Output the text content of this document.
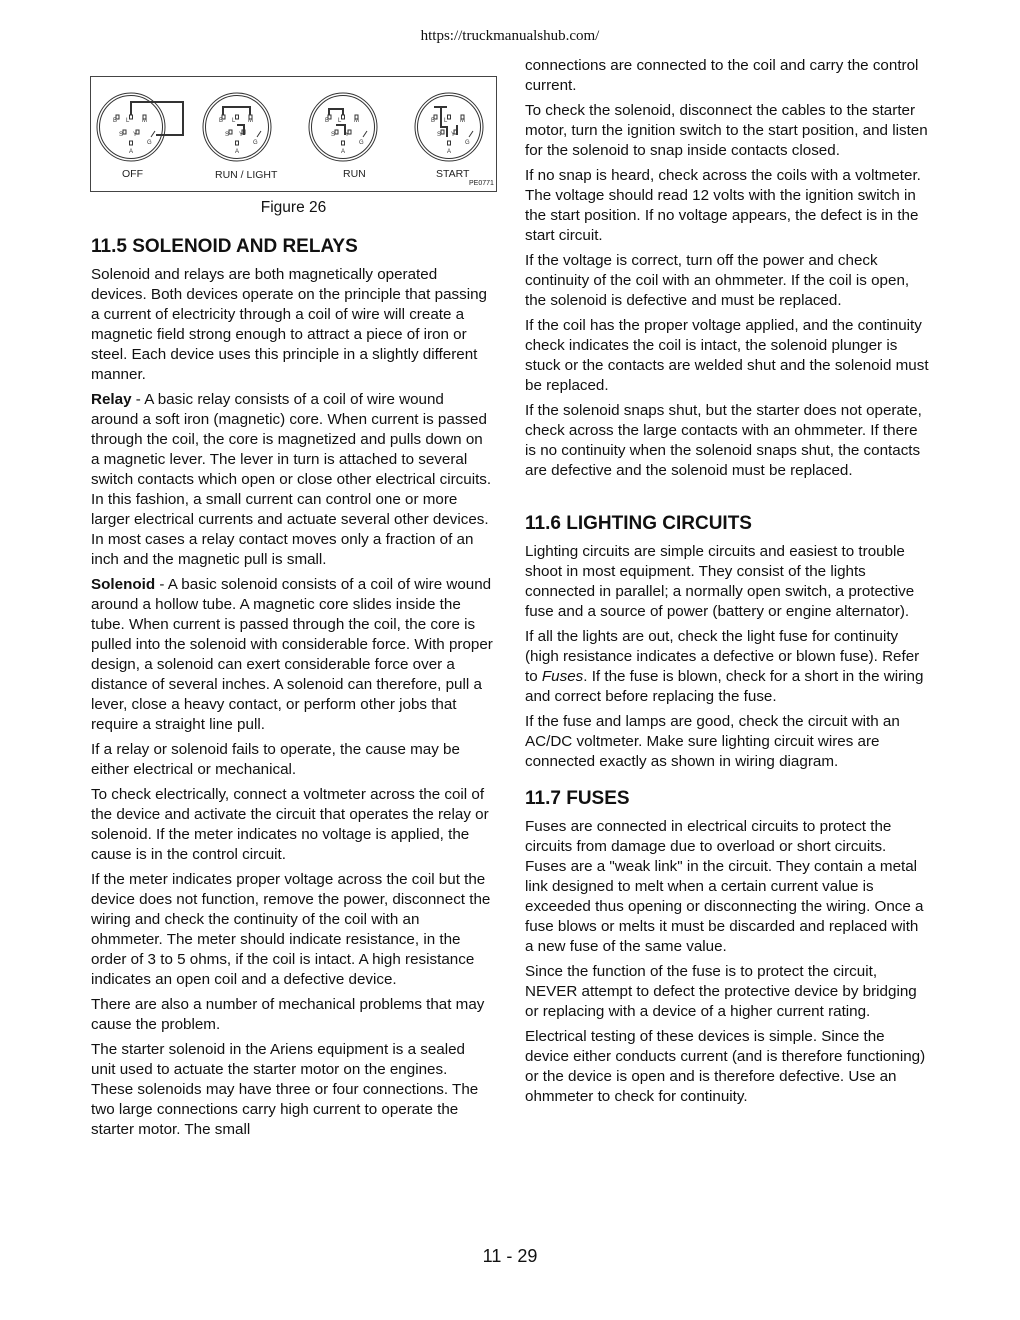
https://truckmanualshub.com/
B L M
S Y
A
G
B L M
S Y
A
G
B L M
S Y
A
G
B L M
S Y
A
G
OFF	RUN / LIGHT	RUN	START
PE0771
Figure 26
11.5 SOLENOID AND RELAYS

Solenoid and relays are both magnetically operated devices. Both devices operate on the principle that passing a current of electricity through a coil of wire will create a magnetic field strong enough to attract a piece of iron or steel. Each device uses this principle in a slightly different manner.

Relay - A basic relay consists of a coil of wire wound around a soft iron (magnetic) core. When current is passed through the coil, the core is magnetized and pulls down on a magnetic lever. The lever in turn is attached to several switch contacts which open or close other electrical circuits. In this fashion, a small current can control one or more larger electrical currents and actuate several other devices. In most cases a relay contact moves only a fraction of an inch and the magnetic pull is small.

Solenoid - A basic solenoid consists of a coil of wire wound around a hollow tube. A magnetic core slides inside the tube. When current is passed through the coil, the core is pulled into the solenoid with considerable force. With proper design, a solenoid can exert considerable force over a distance of several inches. A solenoid can therefore, pull a lever, close a heavy contact, or perform other jobs that require a straight line pull.

If a relay or solenoid fails to operate, the cause may be either electrical or mechanical.

To check electrically, connect a voltmeter across the coil of the device and activate the circuit that operates the relay or solenoid. If the meter indicates no voltage is applied, the cause is in the control circuit.

If the meter indicates proper voltage across the coil but the device does not function, remove the power, disconnect the wiring and check the continuity of the coil with an ohmmeter. The meter should indicate resistance, in the order of 3 to 5 ohms, if the coil is intact. A high resistance indicates an open coil and a defective device.

There are also a number of mechanical problems that may cause the problem.

The starter solenoid in the Ariens equipment is a sealed unit used to actuate the starter motor on the engines. These solenoids may have three or four connections. The two large connections carry high current to operate the starter motor. The small

connections are connected to the coil and carry the control current.

To check the solenoid, disconnect the cables to the starter motor, turn the ignition switch to the start position, and listen for the solenoid to snap inside contacts closed.

If no snap is heard, check across the coils with a voltmeter. The voltage should read 12 volts with the ignition switch in the start position. If no voltage appears, the defect is in the start circuit.

If the voltage is correct, turn off the power and check continuity of the coil with an ohmmeter. If the coil is open, the solenoid is defective and must be replaced.

If the coil has the proper voltage applied, and the continuity check indicates the coil is intact, the solenoid plunger is stuck or the contacts are welded shut and the solenoid must be replaced.

If the solenoid snaps shut, but the starter does not operate, check across the large contacts with an ohmmeter. If there is no continuity when the solenoid snaps shut, the contacts are defective and the solenoid must be replaced.

11.6 LIGHTING CIRCUITS

Lighting circuits are simple circuits and easiest to trouble shoot in most equipment. They consist of the lights connected in parallel; a normally open switch, a protective fuse and a source of power (battery or engine alternator).

If all the lights are out, check the light fuse for continuity (high resistance indicates a defective or blown fuse). Refer to Fuses. If the fuse is blown, check for a short in the wiring and correct before replacing the fuse.

If the fuse and lamps are good, check the circuit with an AC/DC voltmeter. Make sure lighting circuit wires are connected exactly as shown in wiring diagram.

11.7 FUSES

Fuses are connected in electrical circuits to protect the circuits from damage due to overload or short circuits. Fuses are a "weak link" in the circuit. They contain a metal link designed to melt when a certain current value is exceeded thus opening or disconnecting the wiring. Once a fuse blows or melts it must be discarded and replaced with a new fuse of the same value.

Since the function of the fuse is to protect the circuit, NEVER attempt to defect the protective device by bridging or replacing with a device of a higher current rating.

Electrical testing of these devices is simple. Since the device either conducts current (and is therefore functioning) or the device is open and is therefore defective. Use an ohmmeter to check for continuity.

11 - 29
